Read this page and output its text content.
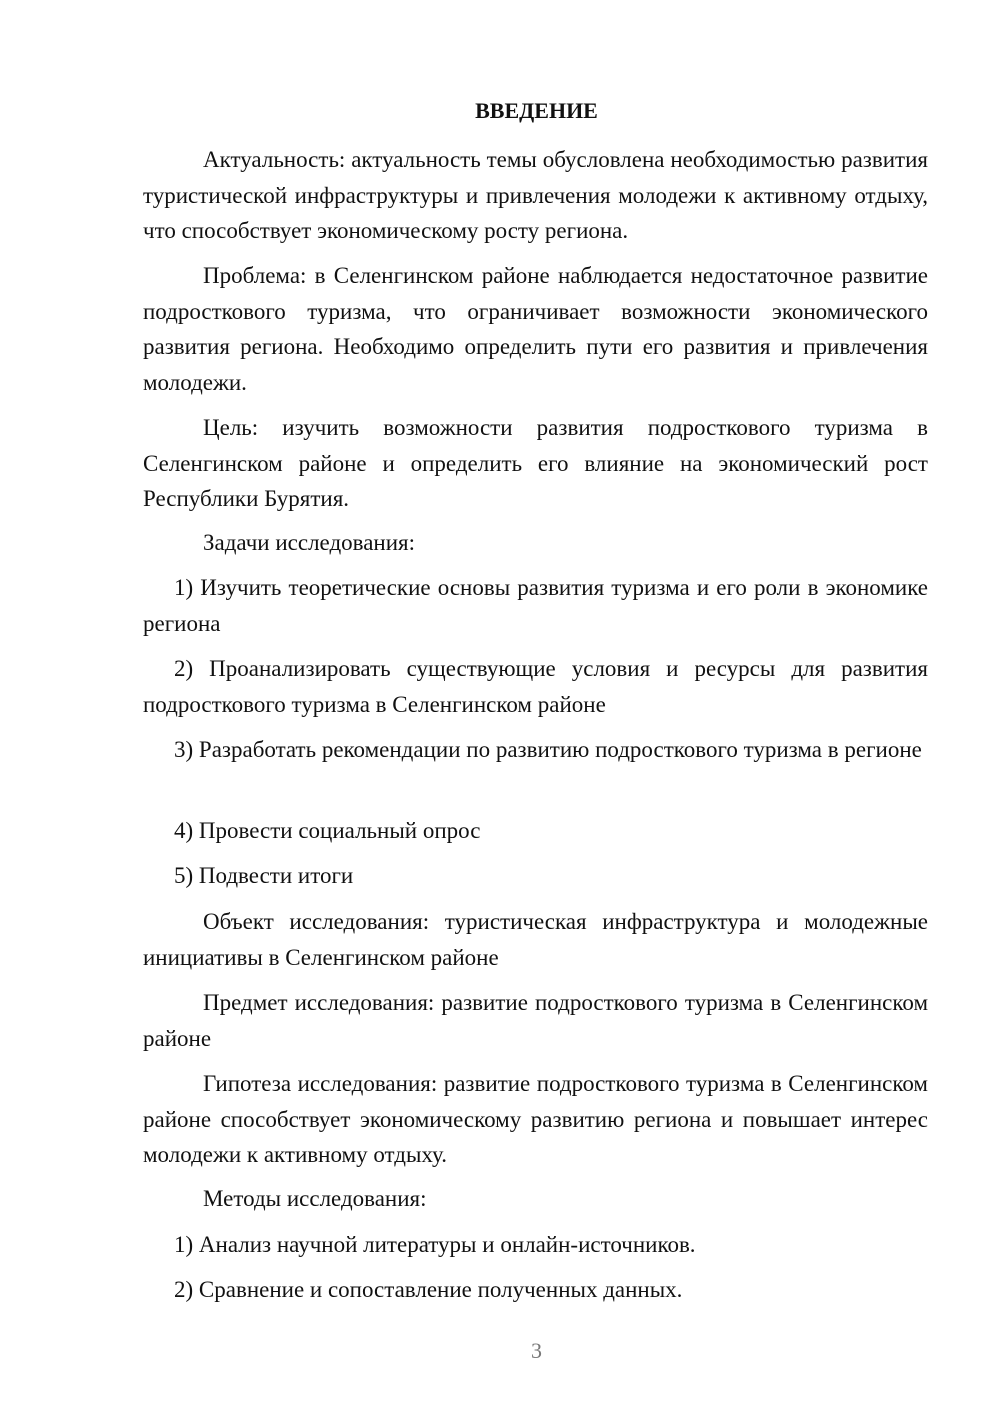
ВВЕДЕНИЕ

Актуальность: актуальность темы обусловлена необходимостью развития туристической инфраструктуры и привлечения молодежи к активному отдыху, что способствует экономическому росту региона.

Проблема: в Селенгинском районе наблюдается недостаточное развитие подросткового туризма, что ограничивает возможности экономического развития региона. Необходимо определить пути его развития и привлечения молодежи.

Цель: изучить возможности развития подросткового туризма в Селенгинском районе и определить его влияние на экономический рост Республики Бурятия.

Задачи исследования:

1) Изучить теоретические основы развития туризма и его роли в экономике региона

2) Проанализировать существующие условия и ресурсы для развития подросткового туризма в Селенгинском районе

3) Разработать рекомендации по развитию подросткового туризма в регионе

4) Провести социальный опрос

5) Подвести итоги

Объект исследования: туристическая инфраструктура и молодежные инициативы в Селенгинском районе

Предмет исследования: развитие подросткового туризма в Селенгинском районе

Гипотеза исследования: развитие подросткового туризма в Селенгинском районе способствует экономическому развитию региона и повышает интерес молодежи к активному отдыху.

Методы исследования:

1) Анализ научной литературы и онлайн-источников.

2) Сравнение и сопоставление полученных данных.

3
